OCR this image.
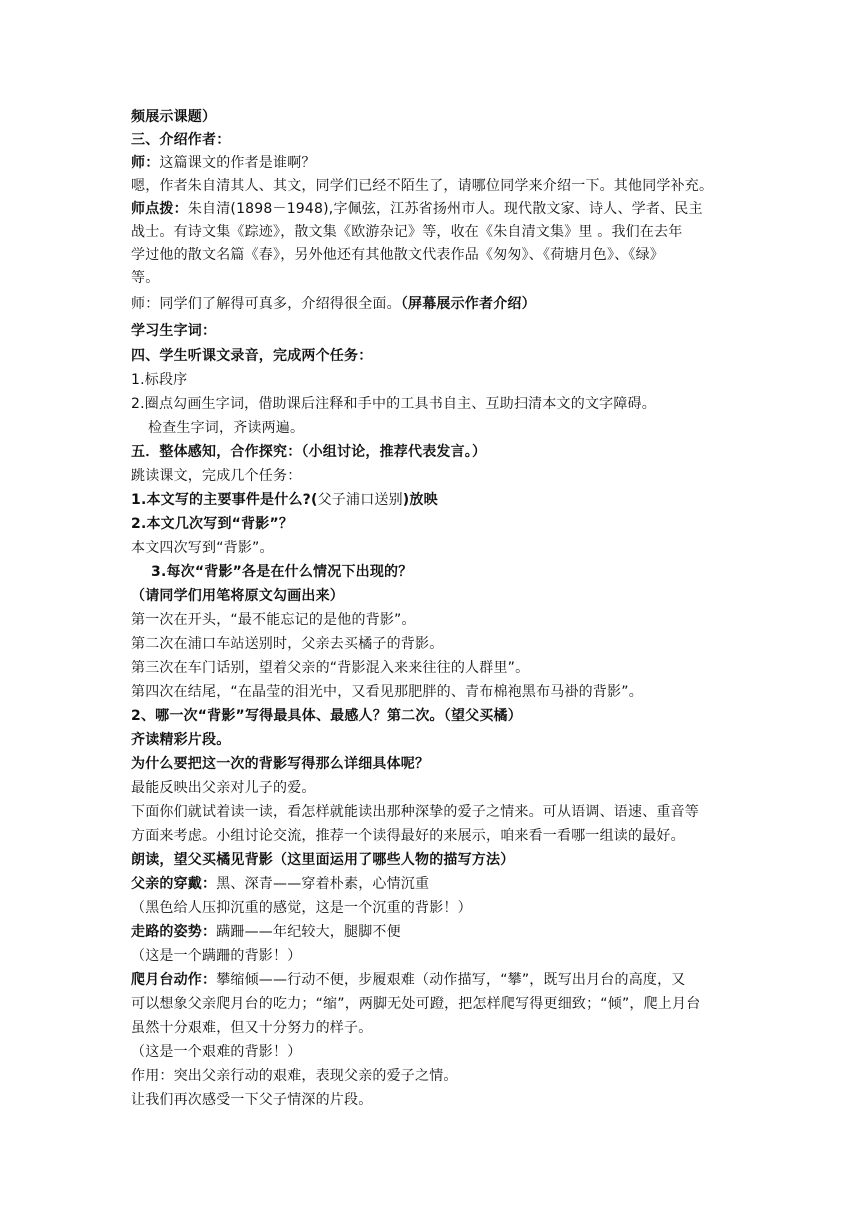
频展示课题）
三、介绍作者：
师：这篇课文的作者是谁啊？
嗯，作者朱自清其人、其文，同学们已经不陌生了，请哪位同学来介绍一下。其他同学补充。
师点拨：朱自清(1898－1948),字佩弦，江苏省扬州市人。现代散文家、诗人、学者、民主
战士。有诗文集《踪迹》，散文集《欧游杂记》等，收在《朱自清文集》里 。我们在去年
学过他的散文名篇《春》，另外他还有其他散文代表作品《匆匆》、《荷塘月色》、《绿》
等。
师：同学们了解得可真多，介绍得很全面。（屏幕展示作者介绍）
学习生字词：
四、学生听课文录音，完成两个任务：
1.标段序
2.圈点勾画生字词，借助课后注释和手中的工具书自主、互助扫清本文的文字障碍。
检查生字词，齐读两遍。
五．整体感知，合作探究：（小组讨论，推荐代表发言。）
跳读课文，完成几个任务：
1.本文写的主要事件是什么?(父子浦口送别)放映
2.本文几次写到“背影”？
本文四次写到“背影”。
3.每次“背影”各是在什么情况下出现的？
（请同学们用笔将原文勾画出来）
第一次在开头，“最不能忘记的是他的背影”。
第二次在浦口车站送别时，父亲去买橘子的背影。
第三次在车门话别，望着父亲的“背影混入来来往往的人群里”。
第四次在结尾，“在晶莹的泪光中，又看见那肥胖的、青布棉袍黑布马褂的背影”。
2、哪一次“背影”写得最具体、最感人？第二次。（望父买橘）
齐读精彩片段。
为什么要把这一次的背影写得那么详细具体呢？
最能反映出父亲对儿子的爱。
下面你们就试着读一读，看怎样就能读出那种深挚的爱子之情来。可从语调、语速、重音等
方面来考虑。小组讨论交流，推荐一个读得最好的来展示，咱来看一看哪一组读的最好。
朗读，望父买橘见背影（这里面运用了哪些人物的描写方法）
父亲的穿戴：黑、深青——穿着朴素，心情沉重
（黑色给人压抑沉重的感觉，这是一个沉重的背影！）
走路的姿势：蹒跚——年纪较大，腿脚不便
（这是一个蹒跚的背影！）
爬月台动作：攀缩倾——行动不便，步履艰难（动作描写，“攀”，既写出月台的高度，又
可以想象父亲爬月台的吃力；“缩”，两脚无处可蹬，把怎样爬写得更细致；“倾”，爬上月台
虽然十分艰难，但又十分努力的样子。
（这是一个艰难的背影！）
作用：突出父亲行动的艰难，表现父亲的爱子之情。
让我们再次感受一下父子情深的片段。
